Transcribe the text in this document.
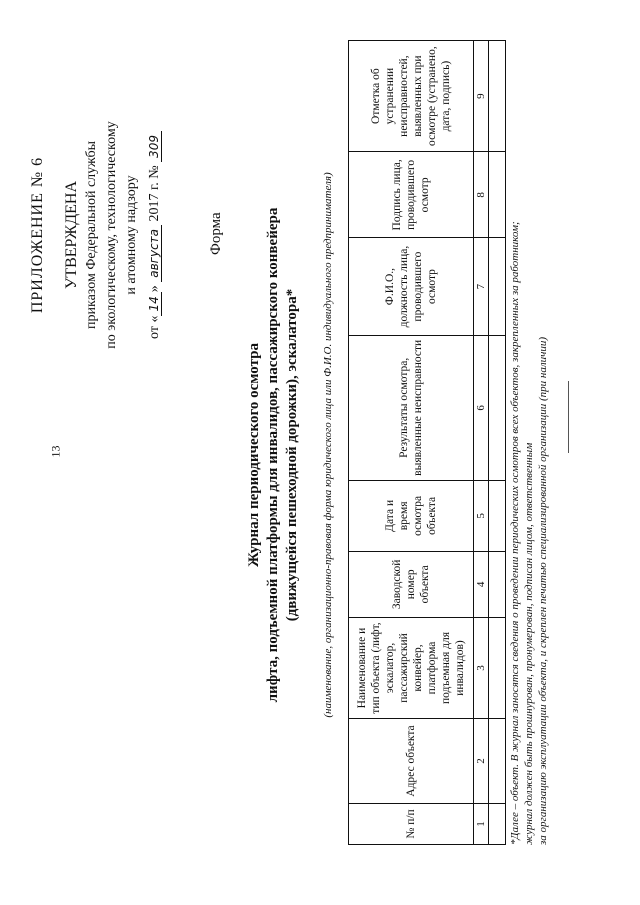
13
ПРИЛОЖЕНИЕ № 6 УТВЕРЖДЕНА приказом Федеральной службы по экологическому, технологическому и атомному надзору
от «14» августа 2017 г. № 309
Форма
Журнал периодического осмотра лифта, подъемной платформы для инвалидов, пассажирского конвейера (движущейся пешеходной дорожки), эскалатора* (наименование, организационно-правовая форма юридического лица или Ф.И.О. индивидуального предпринимателя)
№ п/п	Адрес объекта	Наименование и тип объекта (лифт, эскалатор, пассажирский конвейер, платформа подъемная для инвалидов)	Заводской номер объекта	Дата и время осмотра объекта	Результаты осмотра, выявленные неисправности	Ф.И.О., должность лица, проводившего осмотр	Подпись лица, проводившего осмотр	Отметка об устранении неисправностей, выявленных при осмотре (устранено, дата, подпись)
1	2	3	4	5	6	7	8	9

*Далее – объект. В журнал заносятся сведения о проведении периодических осмотров всех объектов, закрепленных за работником; журнал должен быть прошнурован, пронумерован, подписан лицом, ответственным за организацию эксплуатации объекта, и скреплен печатью специализированной организации (при наличии)
